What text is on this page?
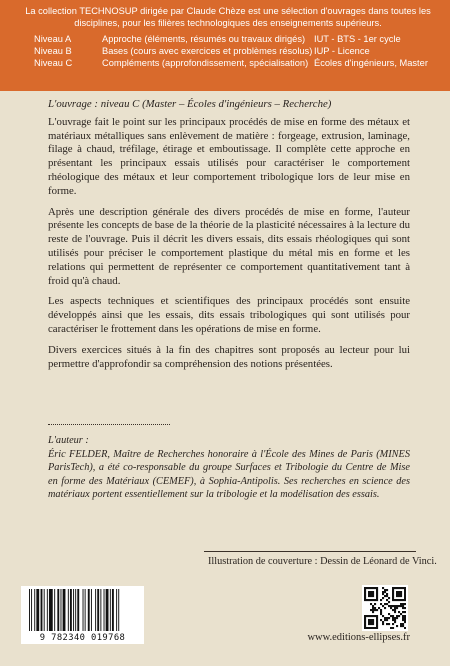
La collection TECHNOSUP dirigée par Claude Chèze est une sélection d'ouvrages dans toutes les disciplines, pour les filières technologiques des enseignements supérieurs.

Niveau A	Approche (éléments, résumés ou travaux dirigés) IUT - BTS - 1er cycle
Niveau B	Bases (cours avec exercices et problèmes résolus) IUP - Licence
Niveau C	Compléments (approfondissement, spécialisation) Écoles d'ingénieurs, Master

L'ouvrage : niveau C (Master – Écoles d'ingénieurs – Recherche)

L'ouvrage fait le point sur les principaux procédés de mise en forme des métaux et matériaux métalliques sans enlèvement de matière : forgeage, extrusion, laminage, filage à chaud, tréfilage, étirage et emboutissage. Il complète cette approche en présentant les principaux essais utilisés pour caractériser le comportement rhéologique des métaux et leur comportement tribologique lors de leur mise en forme.

Après une description générale des divers procédés de mise en forme, l'auteur présente les concepts de base de la théorie de la plasticité nécessaires à la lecture du reste de l'ouvrage. Puis il décrit les divers essais, dits essais rhéologiques qui sont utilisés pour préciser le comportement plastique du métal mis en forme et les relations qui permettent de représenter ce comportement quantitativement tant à froid qu'à chaud.

Les aspects techniques et scientifiques des principaux procédés sont ensuite développés ainsi que les essais, dits essais tribologiques qui sont utilisés pour caractériser le frottement dans les opérations de mise en forme.

Divers exercices situés à la fin des chapitres sont proposés au lecteur pour lui permettre d'approfondir sa compréhension des notions présentées.

L'auteur :
Éric FELDER, Maître de Recherches honoraire à l'École des Mines de Paris (MINES ParisTech), a été co-responsable du groupe Surfaces et Tribologie du Centre de Mise en forme des Matériaux (CEMEF), à Sophia-Antipolis. Ses recherches en science des matériaux portent essentiellement sur la tribologie et la modélisation des essais.
Illustration de couverture : Dessin de Léonard de Vinci.
9 782340 019768	www.editions-ellipses.fr
